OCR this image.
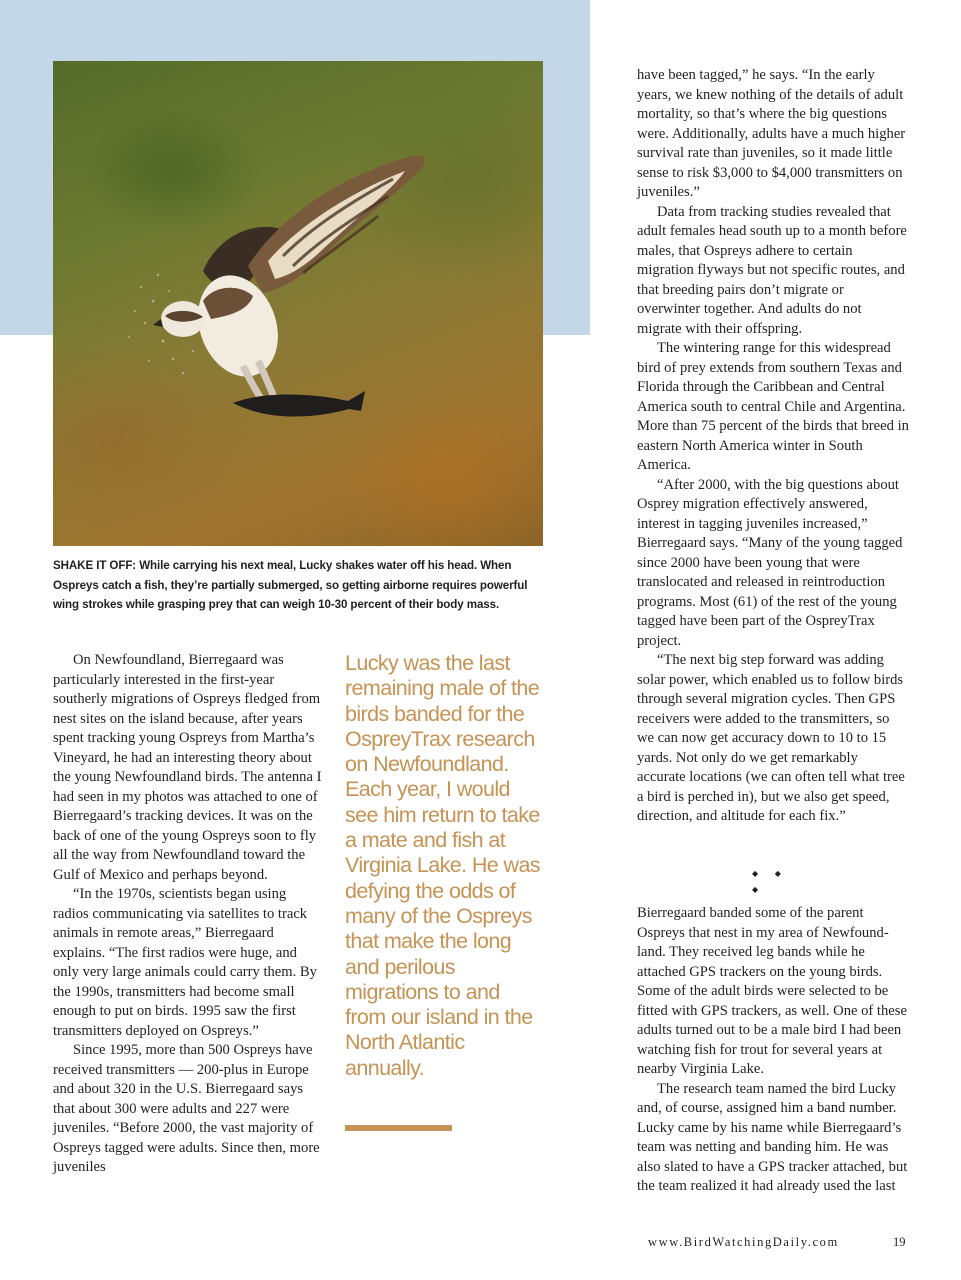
SHAKE IT OFF: While carrying his next meal, Lucky shakes water off his head. When Ospreys catch a fish, they’re partially submerged, so getting airborne requires powerful wing strokes while grasping prey that can weigh 10-30 percent of their body mass.

On Newfoundland, Bierregaard was particularly interested in the first-year southerly migrations of Ospreys fledged from nest sites on the island because, after years spent tracking young Ospreys from Martha’s Vineyard, he had an interesting theory about the young Newfoundland birds. The antenna I had seen in my photos was attached to one of Bierregaard’s tracking devices. It was on the back of one of the young Ospreys soon to fly all the way from Newfoundland toward the Gulf of Mexico and perhaps beyond.

“In the 1970s, scientists began using radios communicating via satellites to track animals in remote areas,” Bierregaard explains. “The first radios were huge, and only very large animals could carry them. By the 1990s, transmitters had become small enough to put on birds. 1995 saw the first transmitters deployed on Ospreys.”

Since 1995, more than 500 Ospreys have received transmitters — 200-plus in Europe and about 320 in the U.S. Bierregaard says that about 300 were adults and 227 were juveniles. “Before 2000, the vast majority of Ospreys tagged were adults. Since then, more juveniles

Lucky was the last remaining male of the birds banded for the OspreyTrax research on Newfoundland. Each year, I would see him return to take a mate and fish at Virginia Lake. He was defying the odds of many of the Ospreys that make the long and perilous migrations to and from our island in the North Atlantic annually.

have been tagged,” he says. “In the early years, we knew nothing of the details of adult mortality, so that’s where the big questions were. Additionally, adults have a much higher survival rate than juveniles, so it made little sense to risk $3,000 to $4,000 transmitters on juveniles.”

Data from tracking studies revealed that adult females head south up to a month before males, that Ospreys adhere to certain migration flyways but not specific routes, and that breeding pairs don’t migrate or overwinter together. And adults do not migrate with their offspring.

The wintering range for this widespread bird of prey extends from southern Texas and Florida through the Caribbean and Central America south to central Chile and Argentina. More than 75 percent of the birds that breed in eastern North America winter in South America.

“After 2000, with the big questions about Osprey migration effectively answered, interest in tagging juveniles increased,” Bierregaard says. “Many of the young tagged since 2000 have been young that were translocated and released in reintroduction programs. Most (61) of the rest of the young tagged have been part of the OspreyTrax project.

“The next big step forward was adding solar power, which enabled us to follow birds through several migration cycles. Then GPS receivers were added to the transmitters, so we can now get accuracy down to 10 to 15 yards. Not only do we get remarkably accurate locations (we can often tell what tree a bird is perched in), but we also get speed, direction, and altitude for each fix.”

◆ ◆ ◆

Bierregaard banded some of the parent Ospreys that nest in my area of Newfoundland. They received leg bands while he attached GPS trackers on the young birds. Some of the adult birds were selected to be fitted with GPS trackers, as well. One of these adults turned out to be a male bird I had been watching fish for trout for several years at nearby Virginia Lake.

The research team named the bird Lucky and, of course, assigned him a band number. Lucky came by his name while Bierregaard’s team was netting and banding him. He was also slated to have a GPS tracker attached, but the team realized it had already used the last

www.BirdWatchingDaily.com	19
